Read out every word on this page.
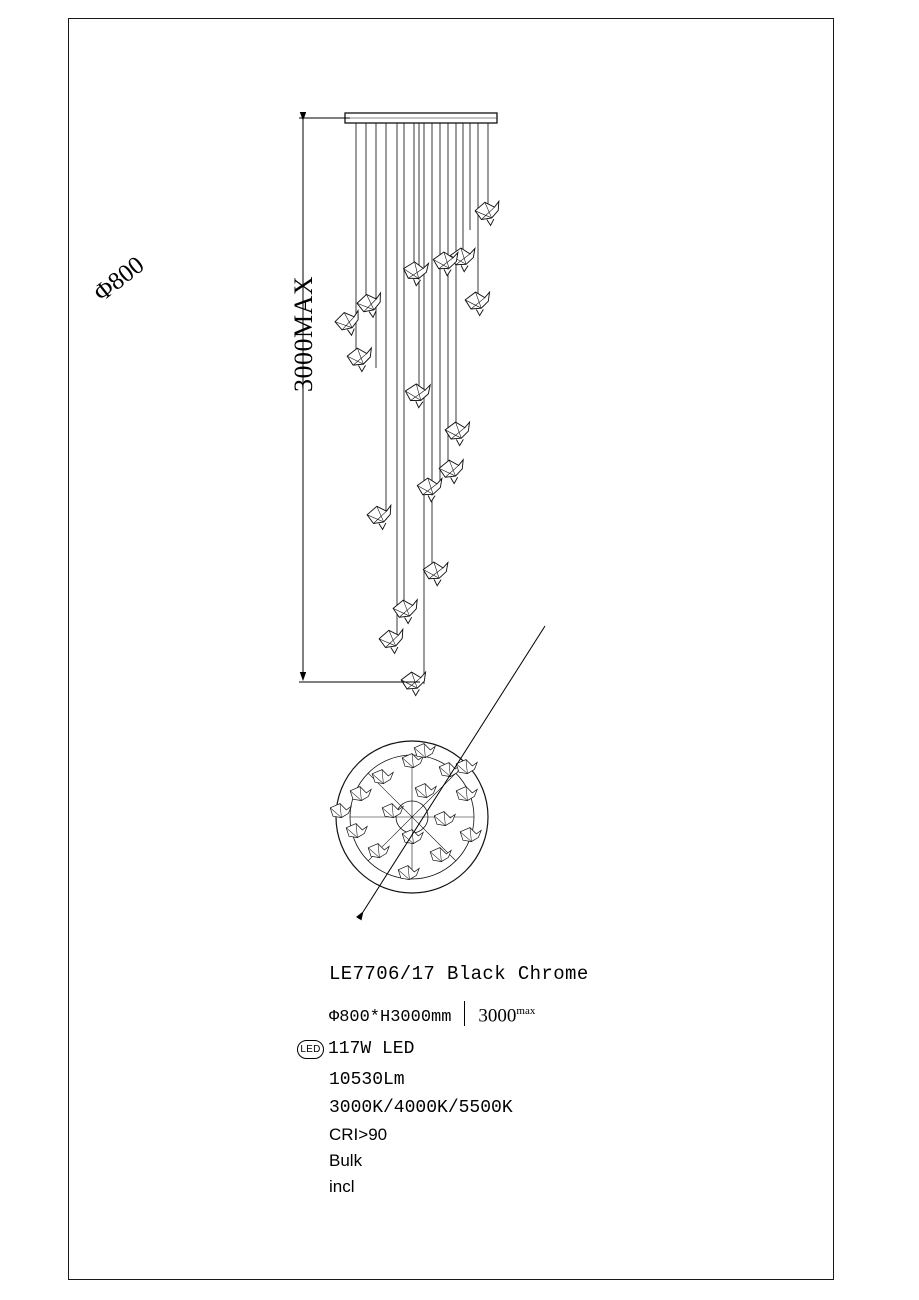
3000MAX
Φ800
LE7706/17 Black Chrome
Φ800*H3000mm $3000^{max}$
LED 117W LED
10530Lm
3000K/4000K/5500K
CRI>90
Bulk
incl
